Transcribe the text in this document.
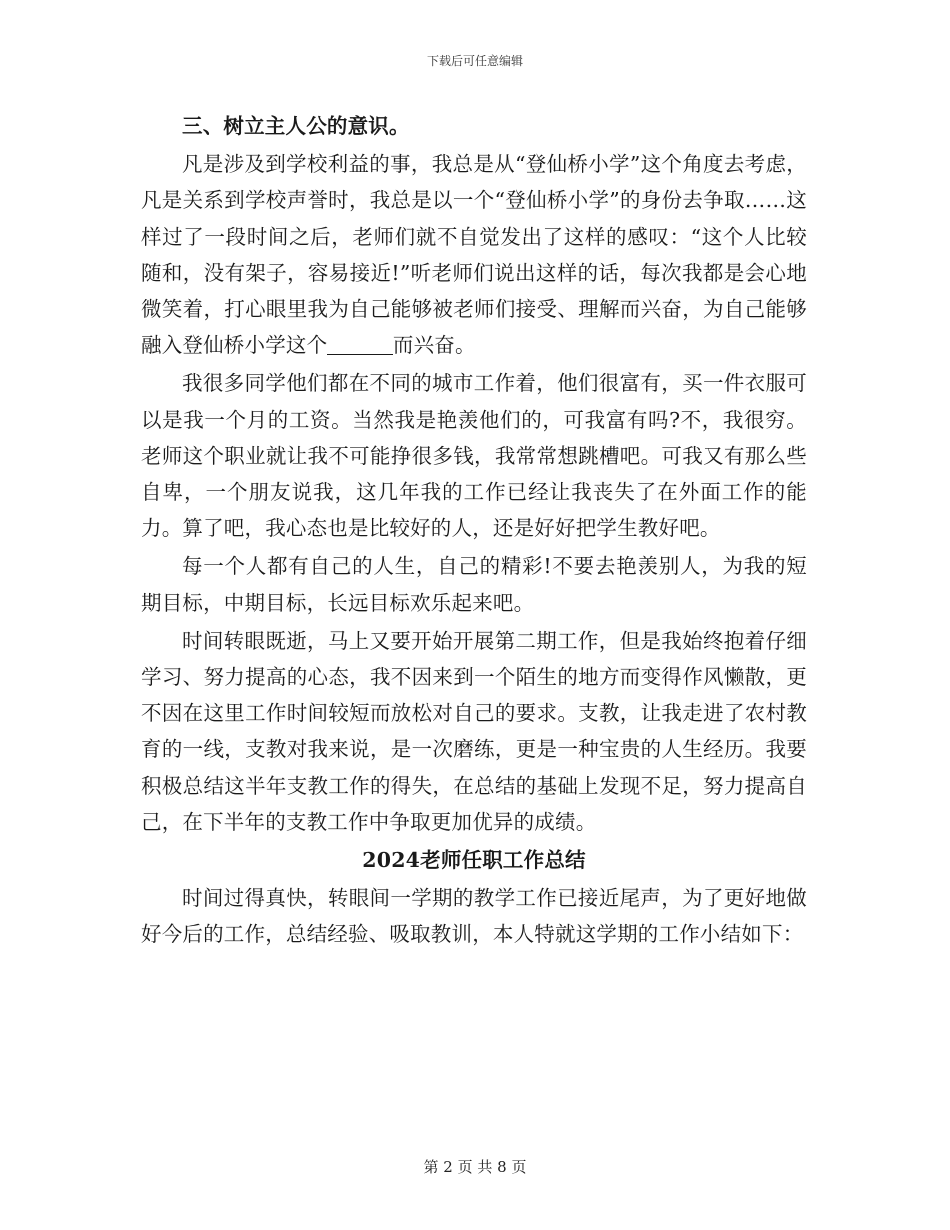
下载后可任意编辑

三、树立主人公的意识。

凡是涉及到学校利益的事，我总是从“登仙桥小学”这个角度去考虑，凡是关系到学校声誉时，我总是以一个“登仙桥小学”的身份去争取……这样过了一段时间之后，老师们就不自觉发出了这样的感叹：“这个人比较随和，没有架子，容易接近!”听老师们说出这样的话，每次我都是会心地微笑着，打心眼里我为自己能够被老师们接受、理解而兴奋，为自己能够融入登仙桥小学这个	而兴奋。

我很多同学他们都在不同的城市工作着，他们很富有，买一件衣服可以是我一个月的工资。当然我是艳羡他们的，可我富有吗?不，我很穷。老师这个职业就让我不可能挣很多钱，我常常想跳槽吧。可我又有那么些自卑，一个朋友说我，这几年我的工作已经让我丧失了在外面工作的能力。算了吧，我心态也是比较好的人，还是好好把学生教好吧。

每一个人都有自己的人生，自己的精彩!不要去艳羡别人，为我的短期目标，中期目标，长远目标欢乐起来吧。

时间转眼既逝，马上又要开始开展第二期工作，但是我始终抱着仔细学习、努力提高的心态，我不因来到一个陌生的地方而变得作风懒散，更不因在这里工作时间较短而放松对自己的要求。支教，让我走进了农村教育的一线，支教对我来说，是一次磨练，更是一种宝贵的人生经历。我要积极总结这半年支教工作的得失，在总结的基础上发现不足，努力提高自己，在下半年的支教工作中争取更加优异的成绩。

2024老师任职工作总结

时间过得真快，转眼间一学期的教学工作已接近尾声，为了更好地做好今后的工作，总结经验、吸取教训，本人特就这学期的工作小结如下：

第 2 页 共 8 页
